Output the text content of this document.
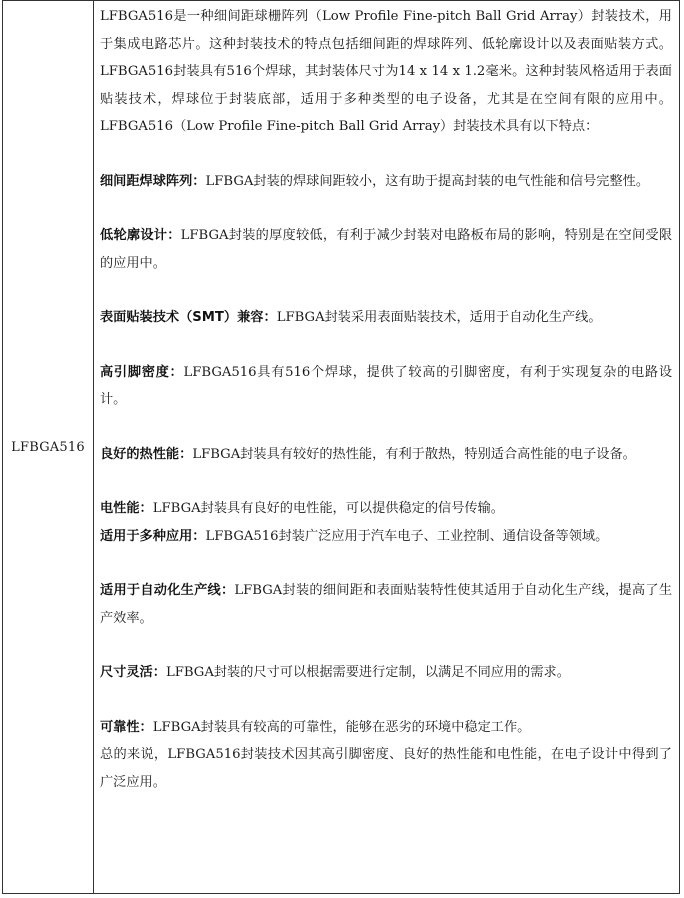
LFBGA516

LFBGA516是一种细间距球栅阵列（Low Profile Fine-pitch Ball Grid Array）封装技术，用于集成电路芯片。这种封装技术的特点包括细间距的焊球阵列、低轮廓设计以及表面贴装方式。LFBGA516封装具有516个焊球，其封装体尺寸为14 x 14 x 1.2毫米。这种封装风格适用于表面贴装技术，焊球位于封装底部，适用于多种类型的电子设备，尤其是在空间有限的应用中。LFBGA516（Low Profile Fine-pitch Ball Grid Array）封装技术具有以下特点：

细间距焊球阵列：LFBGA封装的焊球间距较小，这有助于提高封装的电气性能和信号完整性。

低轮廓设计：LFBGA封装的厚度较低，有利于减少封装对电路板布局的影响，特别是在空间受限的应用中。

表面贴装技术（SMT）兼容：LFBGA封装采用表面贴装技术，适用于自动化生产线。

高引脚密度：LFBGA516具有516个焊球，提供了较高的引脚密度，有利于实现复杂的电路设计。

良好的热性能：LFBGA封装具有较好的热性能，有利于散热，特别适合高性能的电子设备。

电性能：LFBGA封装具有良好的电性能，可以提供稳定的信号传输。

适用于多种应用：LFBGA516封装广泛应用于汽车电子、工业控制、通信设备等领域。

适用于自动化生产线：LFBGA封装的细间距和表面贴装特性使其适用于自动化生产线，提高了生产效率。

尺寸灵活：LFBGA封装的尺寸可以根据需要进行定制，以满足不同应用的需求。

可靠性：LFBGA封装具有较高的可靠性，能够在恶劣的环境中稳定工作。

总的来说，LFBGA516封装技术因其高引脚密度、良好的热性能和电性能，在电子设计中得到了广泛应用。
